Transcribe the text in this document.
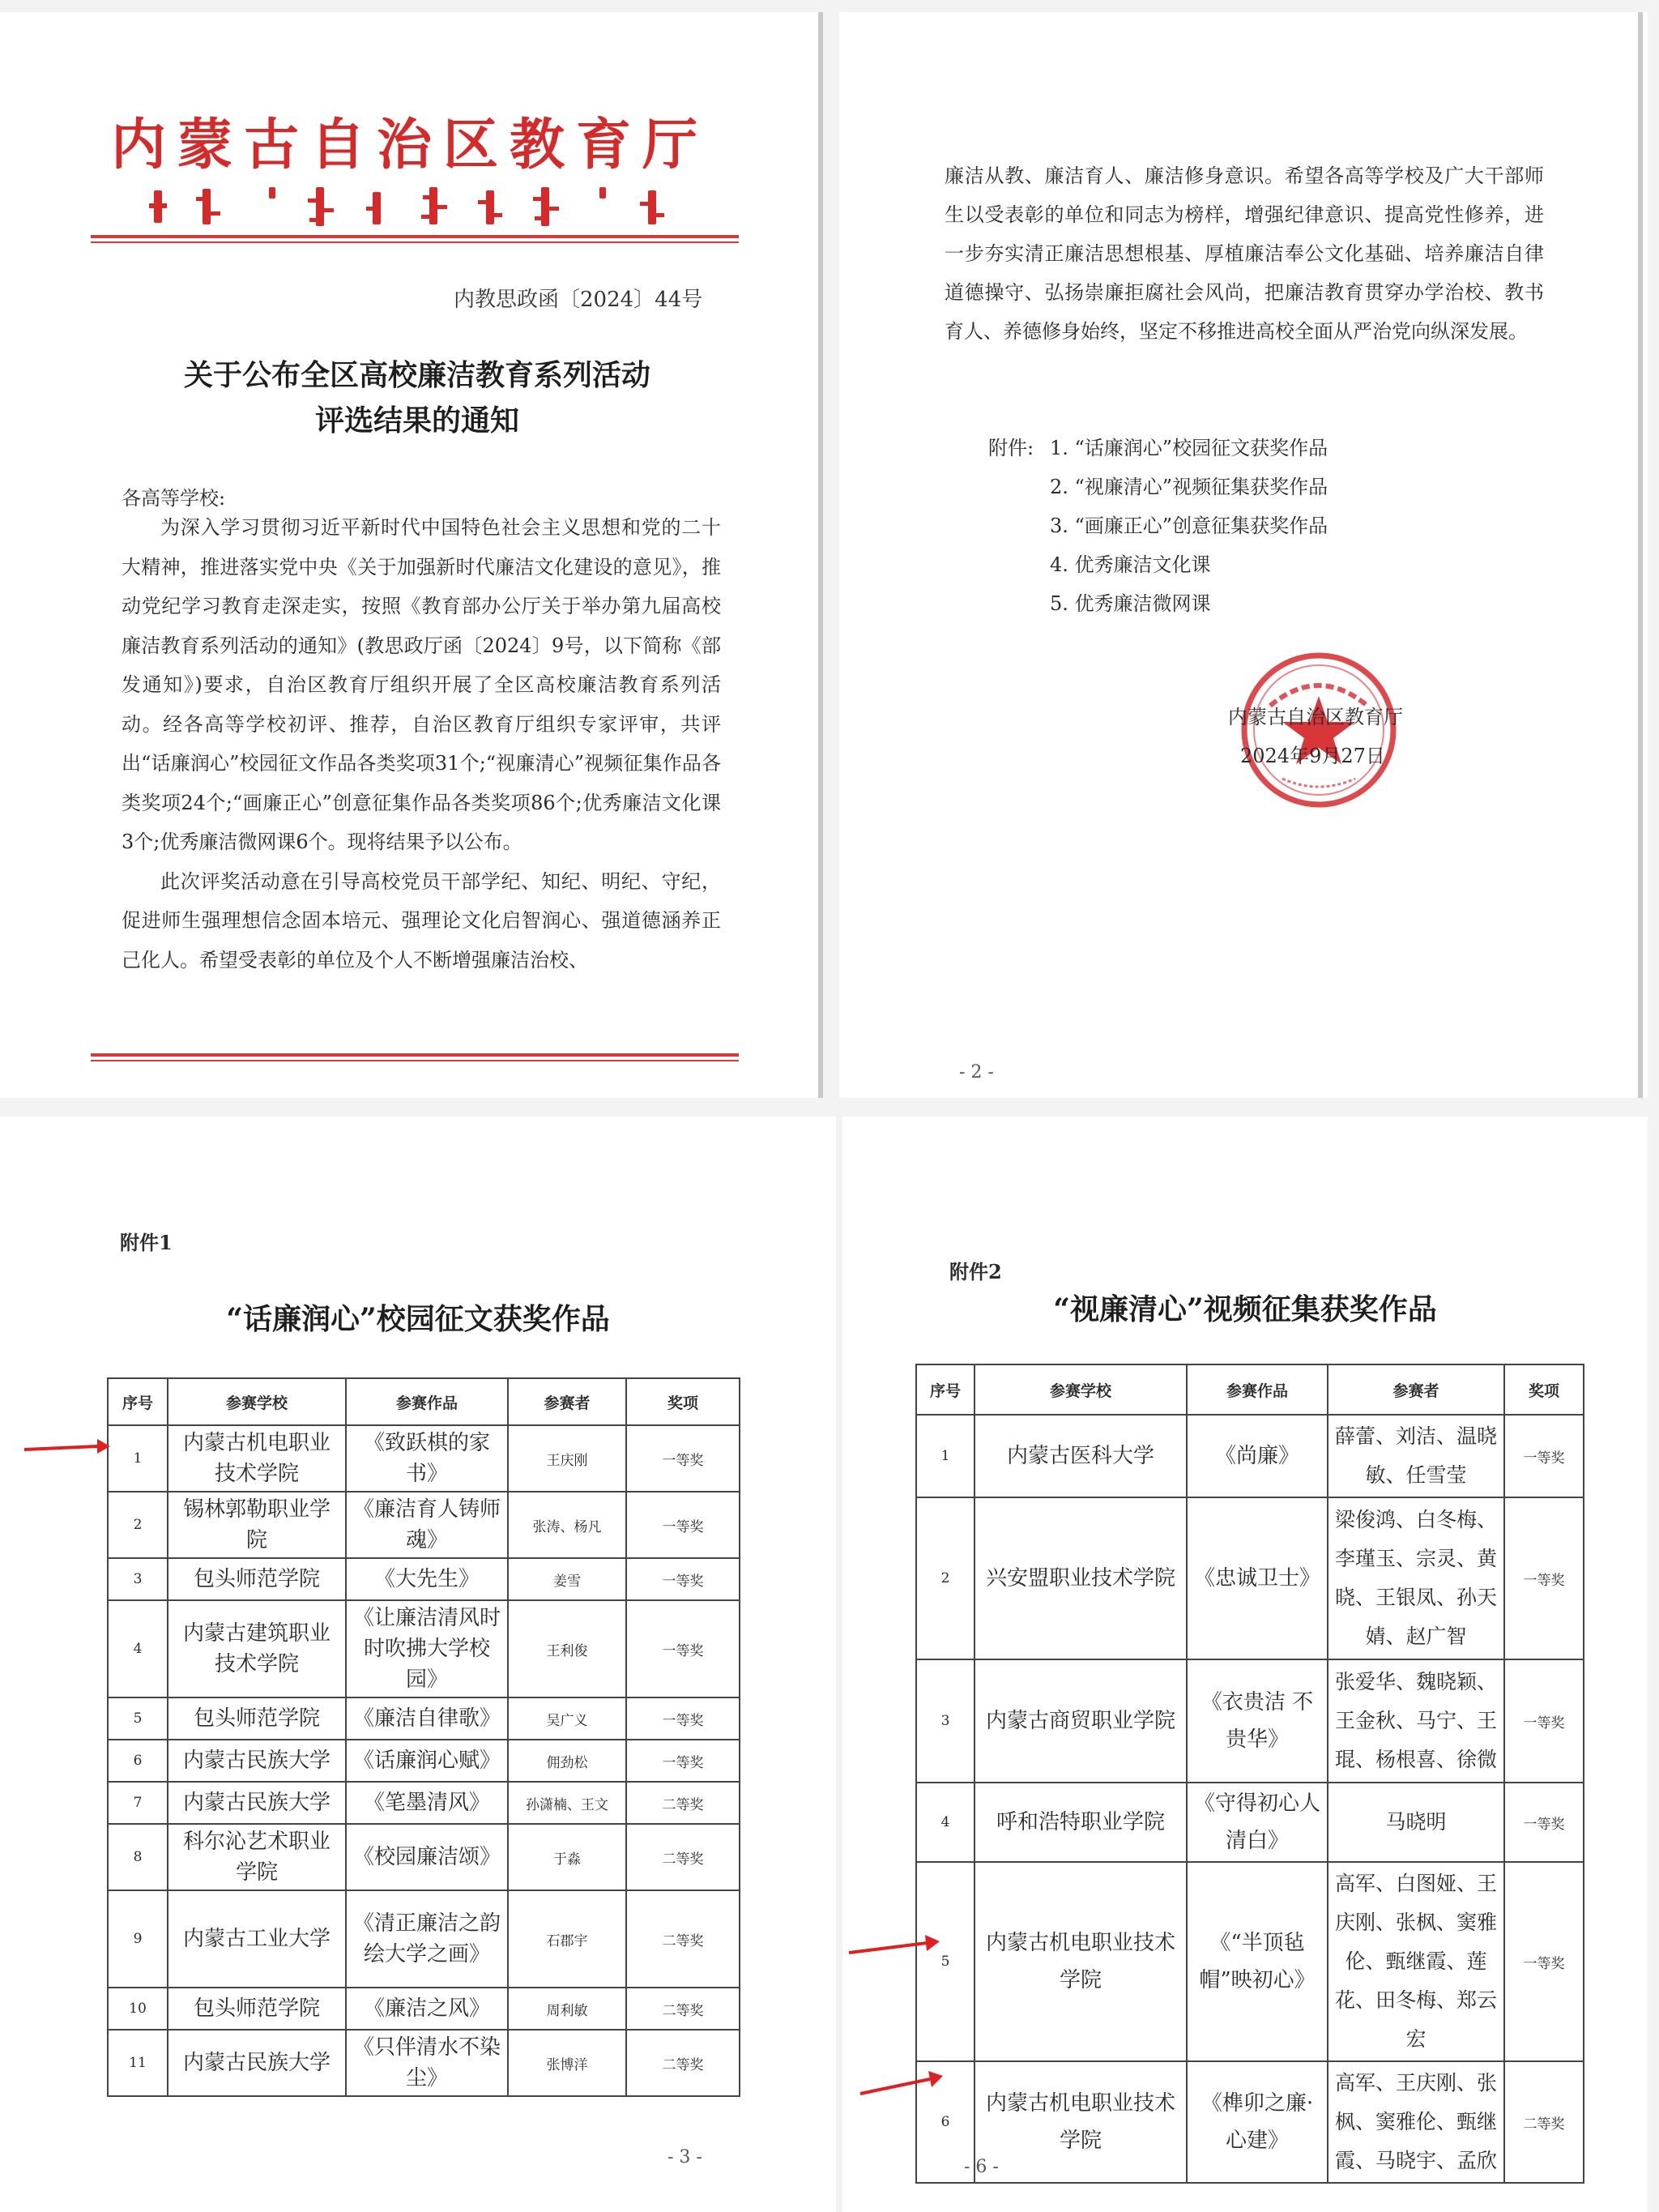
内蒙古自治区教育厅
内教思政函〔2024〕44号
关于公布全区高校廉洁教育系列活动
评选结果的通知
各高等学校:

为深入学习贯彻习近平新时代中国特色社会主义思想和党的二十大精神，推进落实党中央《关于加强新时代廉洁文化建设的意见》，推动党纪学习教育走深走实，按照《教育部办公厅关于举办第九届高校廉洁教育系列活动的通知》(教思政厅函〔2024〕9号，以下简称《部发通知》)要求，自治区教育厅组织开展了全区高校廉洁教育系列活动。经各高等学校初评、推荐，自治区教育厅组织专家评审，共评出“话廉润心”校园征文作品各类奖项31个;“视廉清心”视频征集作品各类奖项24个;“画廉正心”创意征集作品各类奖项86个;优秀廉洁文化课3个;优秀廉洁微网课6个。现将结果予以公布。

此次评奖活动意在引导高校党员干部学纪、知纪、明纪、守纪，促进师生强理想信念固本培元、强理论文化启智润心、强道德涵养正己化人。希望受表彰的单位及个人不断增强廉洁治校、

廉洁从教、廉洁育人、廉洁修身意识。希望各高等学校及广大干部师生以受表彰的单位和同志为榜样，增强纪律意识、提高党性修养，进一步夯实清正廉洁思想根基、厚植廉洁奉公文化基础、培养廉洁自律道德操守、弘扬崇廉拒腐社会风尚，把廉洁教育贯穿办学治校、教书育人、养德修身始终，坚定不移推进高校全面从严治党向纵深发展。

附件: 1. “话廉润心”校园征文获奖作品
2. “视廉清心”视频征集获奖作品
3. “画廉正心”创意征集获奖作品
4. 优秀廉洁文化课
5. 优秀廉洁微网课
内蒙古自治区教育厅
2024年9月27日
- 2 -
附件1
“话廉润心”校园征文获奖作品
序号	参赛学校	参赛作品	参赛者	奖项
1	内蒙古机电职业技术学院	《致跃棋的家书》	王庆刚	一等奖
2	锡林郭勒职业学院	《廉洁育人铸师魂》	张涛、杨凡	一等奖
3	包头师范学院	《大先生》	姜雪	一等奖
4	内蒙古建筑职业技术学院	《让廉洁清风时时吹拂大学校园》	王利俊	一等奖
5	包头师范学院	《廉洁自律歌》	吴广义	一等奖
6	内蒙古民族大学	《话廉润心赋》	佣劲松	一等奖
7	内蒙古民族大学	《笔墨清风》	孙潇楠、王文	二等奖
8	科尔沁艺术职业学院	《校园廉洁颂》	于淼	二等奖
9	内蒙古工业大学	《清正廉洁之韵 绘大学之画》	石郡宇	二等奖
10	包头师范学院	《廉洁之风》	周利敏	二等奖
11	内蒙古民族大学	《只伴清水不染尘》	张博洋	二等奖
- 3 -
附件2
“视廉清心”视频征集获奖作品
序号	参赛学校	参赛作品	参赛者	奖项
1	内蒙古医科大学	《尚廉》	薛蕾、刘洁、温晓敏、任雪莹	一等奖
2	兴安盟职业技术学院	《忠诚卫士》	梁俊鸿、白冬梅、李瑾玉、宗灵、黄晓、王银凤、孙天婧、赵广智	一等奖
3	内蒙古商贸职业学院	《衣贵洁 不贵华》	张爱华、魏晓颖、王金秋、马宁、王琨、杨根喜、徐微	一等奖
4	呼和浩特职业学院	《守得初心人清白》	马晓明	一等奖
5	内蒙古机电职业技术学院	《“半顶毡帽”映初心》	高军、白图娅、王庆刚、张枫、窦雅伦、甄继霞、莲花、田冬梅、郑云宏	一等奖
6	内蒙古机电职业技术学院	《榫卯之廉·心建》	高军、王庆刚、张枫、窦雅伦、甄继霞、马晓宇、孟欣	二等奖
- 6 -
